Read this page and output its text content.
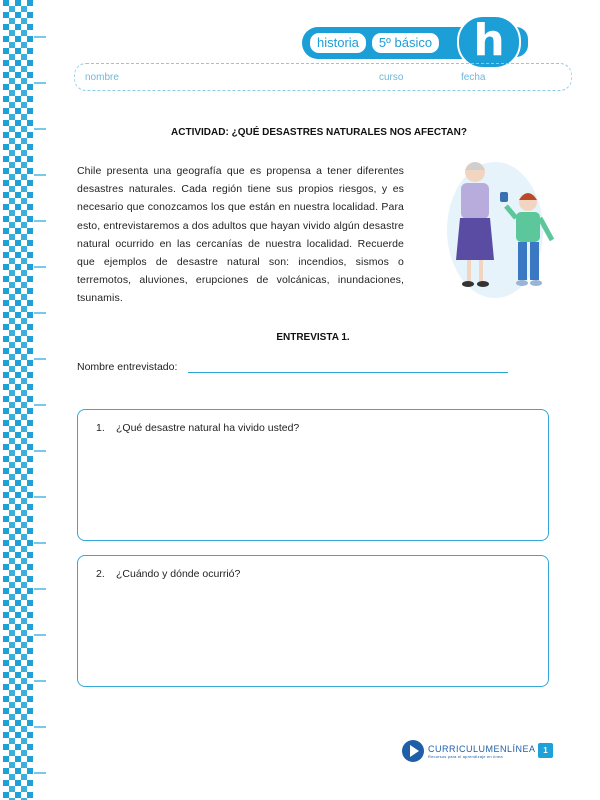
historia	5º básico h
nombre	curso	fecha
ACTIVIDAD: ¿QUÉ DESASTRES NATURALES NOS AFECTAN?
Chile presenta una geografía que es propensa a tener diferentes desastres naturales. Cada región tiene sus propios riesgos, y es necesario que conozcamos los que están en nuestra localidad. Para esto, entrevistaremos a dos adultos que hayan vivido algún desastre natural ocurrido en las cercanías de nuestra localidad. Recuerde que ejemplos de desastre natural son: incendios, sismos o terremotos, aluviones, erupciones de volcánicas, inundaciones, tsunamis.
ENTREVISTA 1.
Nombre entrevistado:
1. ¿Qué desastre natural ha vivido usted?
2. ¿Cuándo y dónde ocurrió?
CURRICULUMENLÍNEA
Recursos para el aprendizaje en línea
1
